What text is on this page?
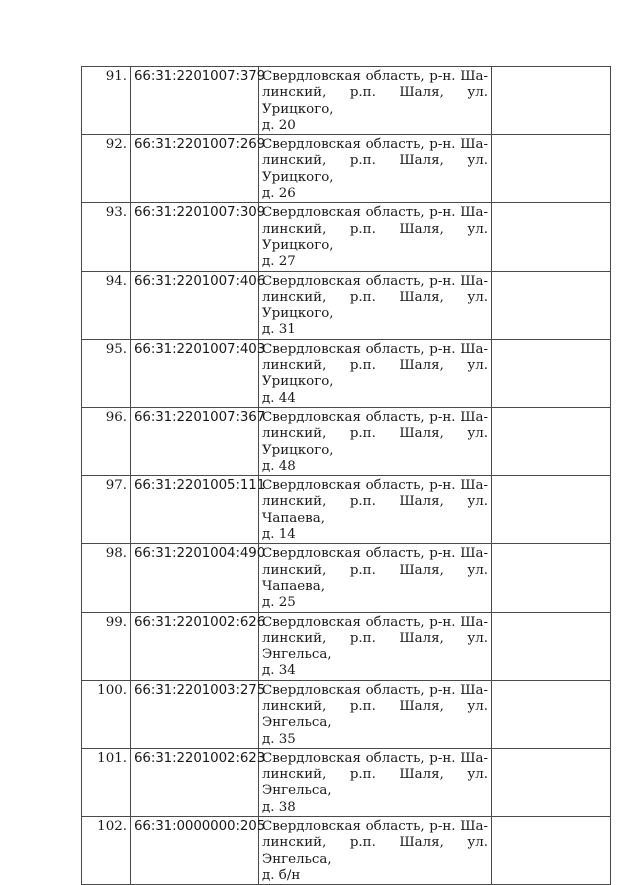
91.	66:31:2201007:379	Свердловская область, р-н. Ша-
линский, р.п. Шаля, ул. Урицкого,
д. 20	

92.	66:31:2201007:269	Свердловская область, р-н. Ша-
линский, р.п. Шаля, ул. Урицкого,
д. 26	

93.	66:31:2201007:309	Свердловская область, р-н. Ша-
линский, р.п. Шаля, ул. Урицкого,
д. 27	

94.	66:31:2201007:406	Свердловская область, р-н. Ша-
линский, р.п. Шаля, ул. Урицкого,
д. 31	

95.	66:31:2201007:403	Свердловская область, р-н. Ша-
линский, р.п. Шаля, ул. Урицкого,
д. 44	

96.	66:31:2201007:367	Свердловская область, р-н. Ша-
линский, р.п. Шаля, ул. Урицкого,
д. 48	

97.	66:31:2201005:111	Свердловская область, р-н. Ша-
линский, р.п. Шаля, ул. Чапаева,
д. 14	

98.	66:31:2201004:490	Свердловская область, р-н. Ша-
линский, р.п. Шаля, ул. Чапаева,
д. 25	

99.	66:31:2201002:626	Свердловская область, р-н. Ша-
линский, р.п. Шаля, ул. Энгельса,
д. 34	

100.	66:31:2201003:275	Свердловская область, р-н. Ша-
линский, р.п. Шаля, ул. Энгельса,
д. 35	

101.	66:31:2201002:623	Свердловская область, р-н. Ша-
линский, р.п. Шаля, ул. Энгельса,
д. 38	

102.	66:31:0000000:205	Свердловская область, р-н. Ша-
линский, р.п. Шаля, ул. Энгельса,
д. б/н	
